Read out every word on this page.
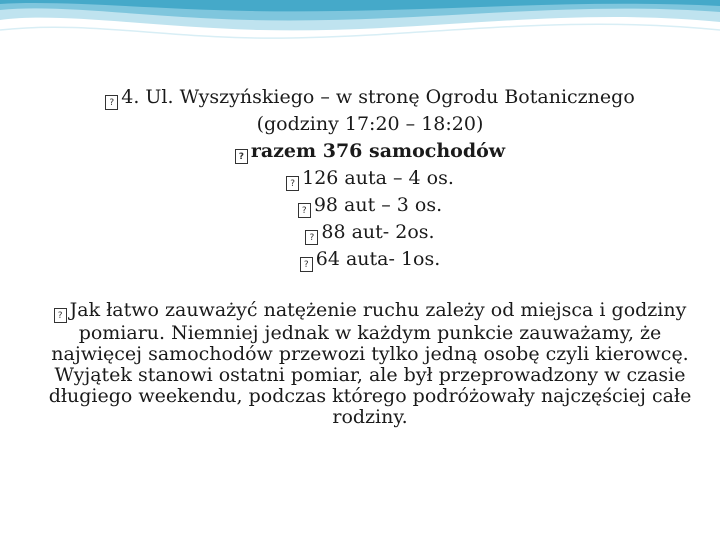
? 4. Ul. Wyszyńskiego – w stronę Ogrodu Botanicznego
(godziny 17:20 – 18:20)
? razem 376 samochodów
? 126 auta – 4 os.
? 98 aut – 3 os.
? 88 aut- 2os.
? 64 auta- 1os.
? Jak łatwo zauważyć natężenie ruchu zależy od miejsca i godziny pomiaru. Niemniej jednak w każdym punkcie zauważamy, że najwięcej samochodów przewozi tylko jedną osobę czyli kierowcę. Wyjątek stanowi ostatni pomiar, ale był przeprowadzony w czasie długiego weekendu, podczas którego podróżowały najczęściej całe rodziny.
